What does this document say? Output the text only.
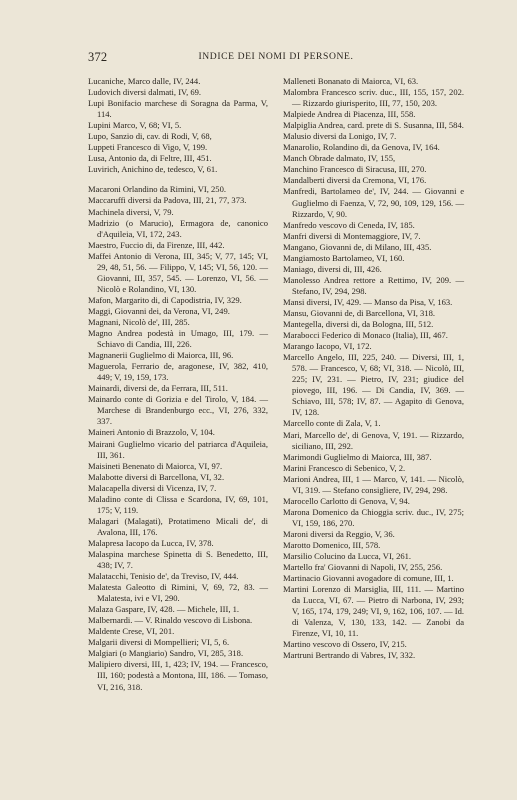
372	INDICE DEI NOMI DI PERSONE.

Lucaniche, Marco dalle, IV, 244.

Ludovich diversi dalmati, IV, 69.

Lupi Bonifacio marchese di Soragna da Parma, V, 114.

Lupini Marco, V, 68; VI, 5.

Lupo, Sanzio di, cav. di Rodi, V, 68,

Luppeti Francesco di Vigo, V, 199.

Lusa, Antonio da, di Feltre, III, 451.

Luvirich, Anichino de, tedesco, V, 61.

Macaroni Orlandino da Rimini, VI, 250.

Maccaruffi diversi da Padova, III, 21, 77, 373.

Machinela diversi, V, 79.

Madrizio (o Marucio), Ermagora de, canonico d'Aquileia, VI, 172, 243.

Maestro, Fuccio di, da Firenze, III, 442.

Maffei Antonio di Verona, III, 345; V, 77, 145; VI, 29, 48, 51, 56. — Filippo, V, 145; VI, 56, 120. — Giovanni, III, 357, 545. — Lorenzo, VI, 56. — Nicolò e Rolandino, VI, 130.

Mafon, Margarito di, di Capodistria, IV, 329.

Maggi, Giovanni dei, da Verona, VI, 249.

Magnani, Nicolò de', III, 285.

Magno Andrea podestà in Umago, III, 179. — Schiavo di Candia, III, 226.

Magnanerii Guglielmo di Maiorca, III, 96.

Maguerola, Ferrario de, aragonese, IV, 382, 410, 449; V, 19, 159, 173.

Mainardi, diversi de, da Ferrara, III, 511.

Mainardo conte di Gorizia e del Tirolo, V, 184. — Marchese di Brandenburgo ecc., VI, 276, 332, 337.

Maineri Antonio di Brazzolo, V, 104.

Mairani Guglielmo vicario del patriarca d'Aquileia, III, 361.

Maisineti Benenato di Maiorca, VI, 97.

Malabotte diversi di Barcellona, VI, 32.

Malacapella diversi di Vicenza, IV, 7.

Maladino conte di Clissa e Scardona, IV, 69, 101, 175; V, 119.

Malagari (Malagati), Protatimeno Micali de', di Avalona, III, 176.

Malapresa Iacopo da Lucca, IV, 378.

Malaspina marchese Spinetta di S. Benedetto, III, 438; IV, 7.

Malatacchi, Tenisio de', da Treviso, IV, 444.

Malatesta Galeotto di Rimini, V, 69, 72, 83. — Malatesta, ivi e VI, 290.

Malaza Gaspare, IV, 428. — Michele, III, 1.

Malbernardi. — V. Rinaldo vescovo di Lisbona.

Maldente Crese, VI, 201.

Malgarii diversi di Mompellieri; VI, 5, 6.

Malgiari (o Mangiario) Sandro, VI, 285, 318.

Malipiero diversi, III, 1, 423; IV, 194. — Francesco, III, 160; podestà a Montona, III, 186. — Tomaso, VI, 216, 318.

Malleneti Bonanato di Maiorca, VI, 63.

Malombra Francesco scriv. duc., III, 155, 157, 202. — Rizzardo giurisperito, III, 77, 150, 203.

Malpiede Andrea di Piacenza, III, 558.

Malpiglia Andrea, card. prete di S. Susanna, III, 584.

Malusio diversi da Lonigo, IV, 7.

Manarolio, Rolandino di, da Genova, IV, 164.

Manch Obrade dalmato, IV, 155,

Manchino Francesco di Siracusa, III, 270.

Mandalberti diversi da Cremona, VI, 176.

Manfredi, Bartolameo de', IV, 244. — Giovanni e Guglielmo di Faenza, V, 72, 90, 109, 129, 156. — Rizzardo, V, 90.

Manfredo vescovo di Ceneda, IV, 185.

Manfri diversi di Montemaggiore, IV, 7.

Mangano, Giovanni de, di Milano, III, 435.

Mangiamosto Bartolameo, VI, 160.

Maniago, diversi di, III, 426.

Manolesso Andrea rettore a Rettimo, IV, 209. — Stefano, IV, 294, 298.

Mansi diversi, IV, 429. — Manso da Pisa, V, 163.

Mansu, Giovanni de, di Barcellona, VI, 318.

Mantegella, diversi di, da Bologna, III, 512.

Marabocci Federico di Monaco (Italia), III, 467.

Marango Iacopo, VI, 172.

Marcello Angelo, III, 225, 240. — Diversi, III, 1, 578. — Francesco, V, 68; VI, 318. — Nicolò, III, 225; IV, 231. — Pietro, IV, 231; giudice del piovego, III, 196. — Di Candia, IV, 369. — Schiavo, III, 578; IV, 87. — Agapito di Genova, IV, 128.

Marcello conte di Zala, V, 1.

Mari, Marcello de', di Genova, V, 191. — Rizzardo, siciliano, III, 292.

Marimondi Guglielmo di Maiorca, III, 387.

Marini Francesco di Sebenico, V, 2.

Marioni Andrea, III, 1 — Marco, V, 141. — Nicolò, VI, 319. — Stefano consigliere, IV, 294, 298.

Marocello Carlotto di Genova, V, 94.

Marona Domenico da Chioggia scriv. duc., IV, 275; VI, 159, 186, 270.

Maroni diversi da Reggio, V, 36.

Marotto Domenico, III, 578.

Marsilio Colucino da Lucca, VI, 261.

Martello fra' Giovanni di Napoli, IV, 255, 256.

Martinacio Giovanni avogadore di comune, III, 1.

Martini Lorenzo di Marsiglia, III, 111. — Martino da Lucca, VI, 67. — Pietro di Narbona, IV, 293; V, 165, 174, 179, 249; VI, 9, 162, 106, 107. — Id. di Valenza, V, 130, 133, 142. — Zanobi da Firenze, VI, 10, 11.

Martino vescovo di Ossero, IV, 215.

Martruni Bertrando di Vabres, IV, 332.
